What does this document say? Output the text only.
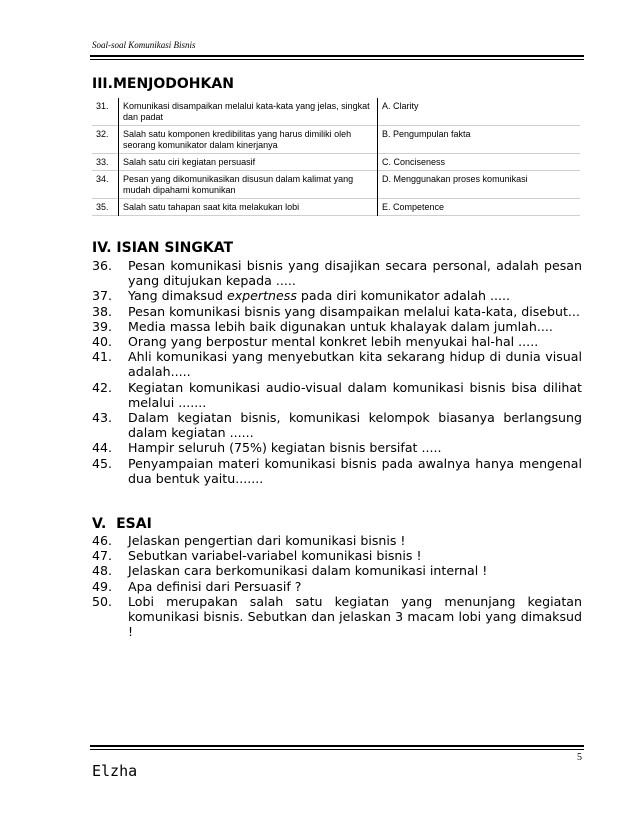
Soal-soal Komunikasi Bisnis
III.MENJODOHKAN
31.	Komunikasi disampaikan melalui kata-kata yang jelas, singkat dan padat	A. Clarity
32.	Salah satu komponen kredibilitas yang harus dimiliki oleh seorang komunikator dalam kinerjanya	B. Pengumpulan fakta
33.	Salah satu ciri kegiatan persuasif	C. Conciseness
34.	Pesan yang dikomunikasikan disusun dalam kalimat yang mudah dipahami komunikan	D. Menggunakan proses komunikasi
35.	Salah satu tahapan saat kita melakukan lobi	E. Competence
IV. ISIAN SINGKAT
36.	Pesan komunikasi bisnis yang disajikan secara personal, adalah pesan yang ditujukan kepada .....
37.	Yang dimaksud expertness pada diri komunikator adalah .....
38.	Pesan komunikasi bisnis yang disampaikan melalui kata-kata, disebut...
39.	Media massa lebih baik digunakan untuk khalayak dalam jumlah....
40.	Orang yang berpostur mental konkret lebih menyukai hal-hal .....
41.	Ahli komunikasi yang menyebutkan kita sekarang hidup di dunia visual adalah.....
42.	Kegiatan komunikasi audio-visual dalam komunikasi bisnis bisa dilihat melalui .......
43.	Dalam kegiatan bisnis, komunikasi kelompok biasanya berlangsung dalam kegiatan ......
44.	Hampir seluruh (75%) kegiatan bisnis bersifat .....
45.	Penyampaian materi komunikasi bisnis pada awalnya hanya mengenal dua bentuk yaitu.......
V.  ESAI
46.	Jelaskan pengertian dari komunikasi bisnis !
47.	Sebutkan variabel-variabel komunikasi bisnis !
48.	Jelaskan cara berkomunikasi dalam komunikasi internal !
49.	Apa definisi dari Persuasif ?
50.	Lobi merupakan salah satu kegiatan yang menunjang kegiatan komunikasi bisnis. Sebutkan dan jelaskan 3 macam lobi yang dimaksud !
5
Elzha
